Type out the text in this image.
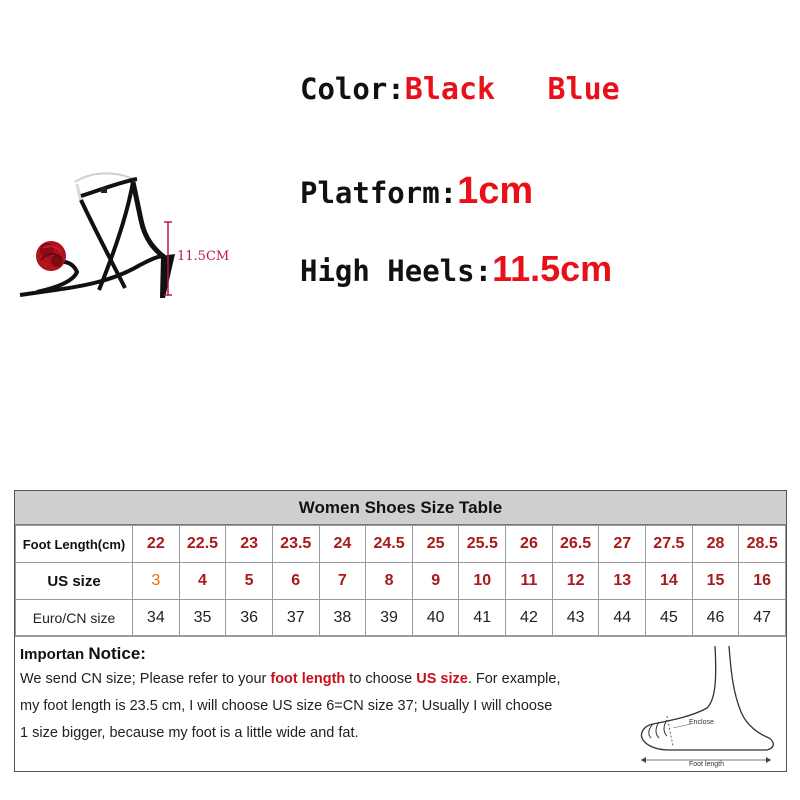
Color:Black Blue
Platform:1cm
High Heels:11.5cm
11.5CM
Women Shoes Size Table
Foot Length(cm)	22	22.5	23	23.5	24	24.5	25	25.5	26	26.5	27	27.5	28	28.5
US size	3	4	5	6	7	8	9	10	11	12	13	14	15	16
Euro/CN size	34	35	36	37	38	39	40	41	42	43	44	45	46	47
Importan Notice:
We send CN size; Please refer to your foot length to choose US size. For example,
my foot length is 23.5 cm, I will choose US size 6=CN size 37; Usually I will choose
1 size bigger, because my foot is a little wide and fat.
Enclose
Foot length
